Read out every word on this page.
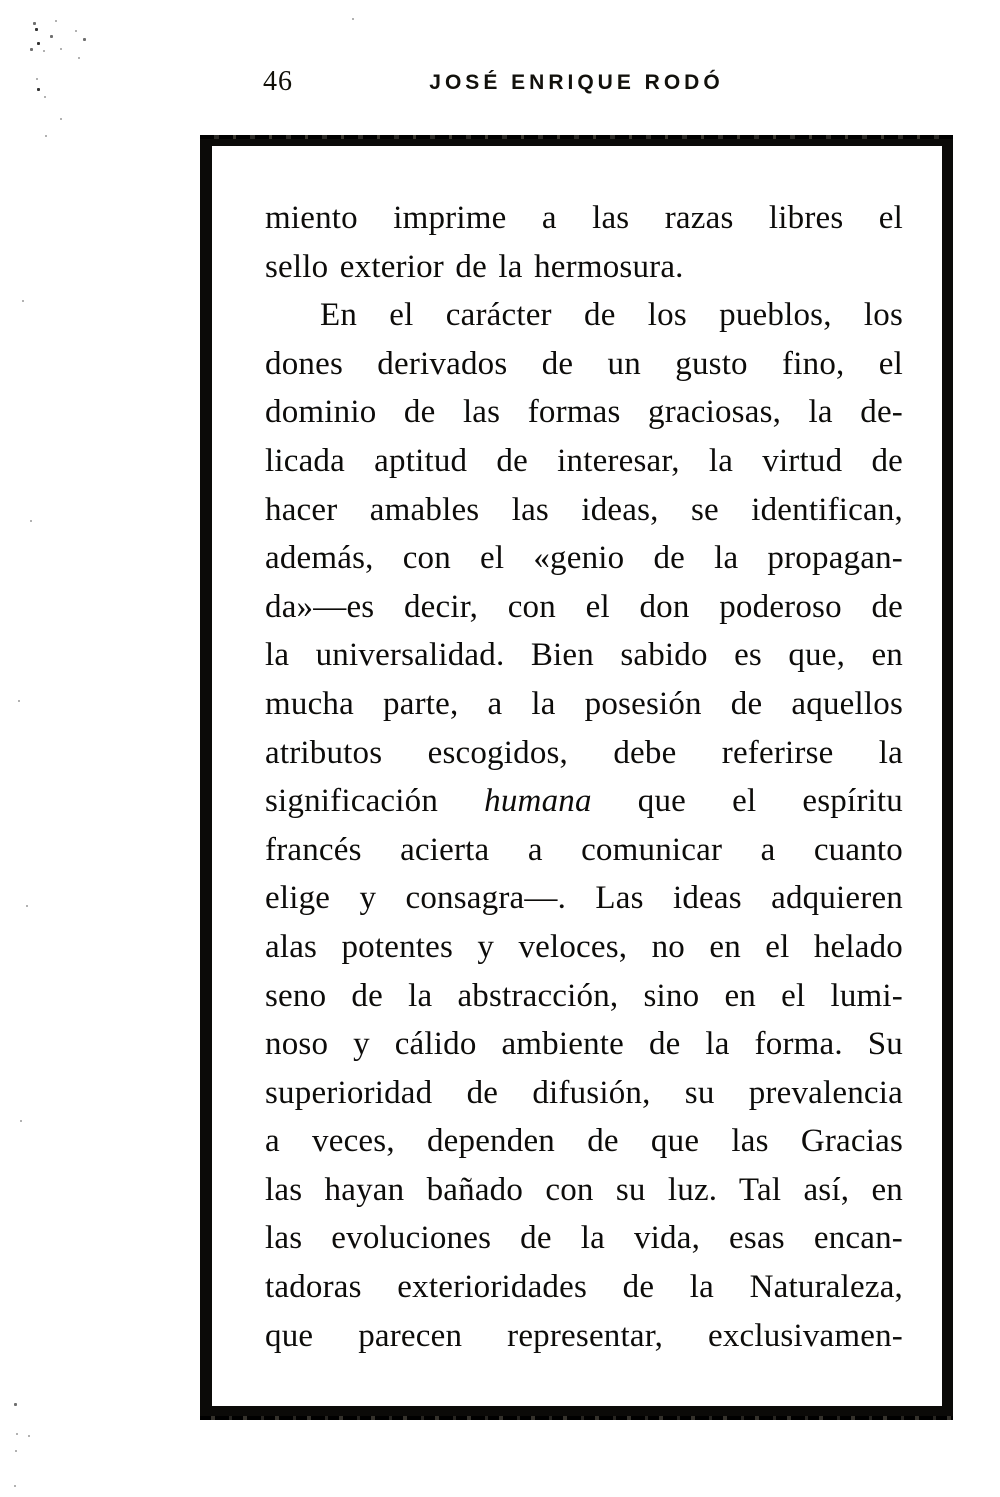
46	JOSÉ ENRIQUE RODÓ
miento imprime a las razas libres el
sello exterior de la hermosura.
En el carácter de los pueblos, los
dones derivados de un gusto fino, el
dominio de las formas graciosas, la de-
licada aptitud de interesar, la virtud de
hacer amables las ideas, se identifican,
además, con el «genio de la propagan-
da»—es decir, con el don poderoso de
la universalidad. Bien sabido es que, en
mucha parte, a la posesión de aquellos
atributos escogidos, debe referirse la
significación humana que el espíritu
francés acierta a comunicar a cuanto
elige y consagra—. Las ideas adquieren
alas potentes y veloces, no en el helado
seno de la abstracción, sino en el lumi-
noso y cálido ambiente de la forma. Su
superioridad de difusión, su prevalencia
a veces, dependen de que las Gracias
las hayan bañado con su luz. Tal así, en
las evoluciones de la vida, esas encan-
tadoras exterioridades de la Naturaleza,
que parecen representar, exclusivamen-
